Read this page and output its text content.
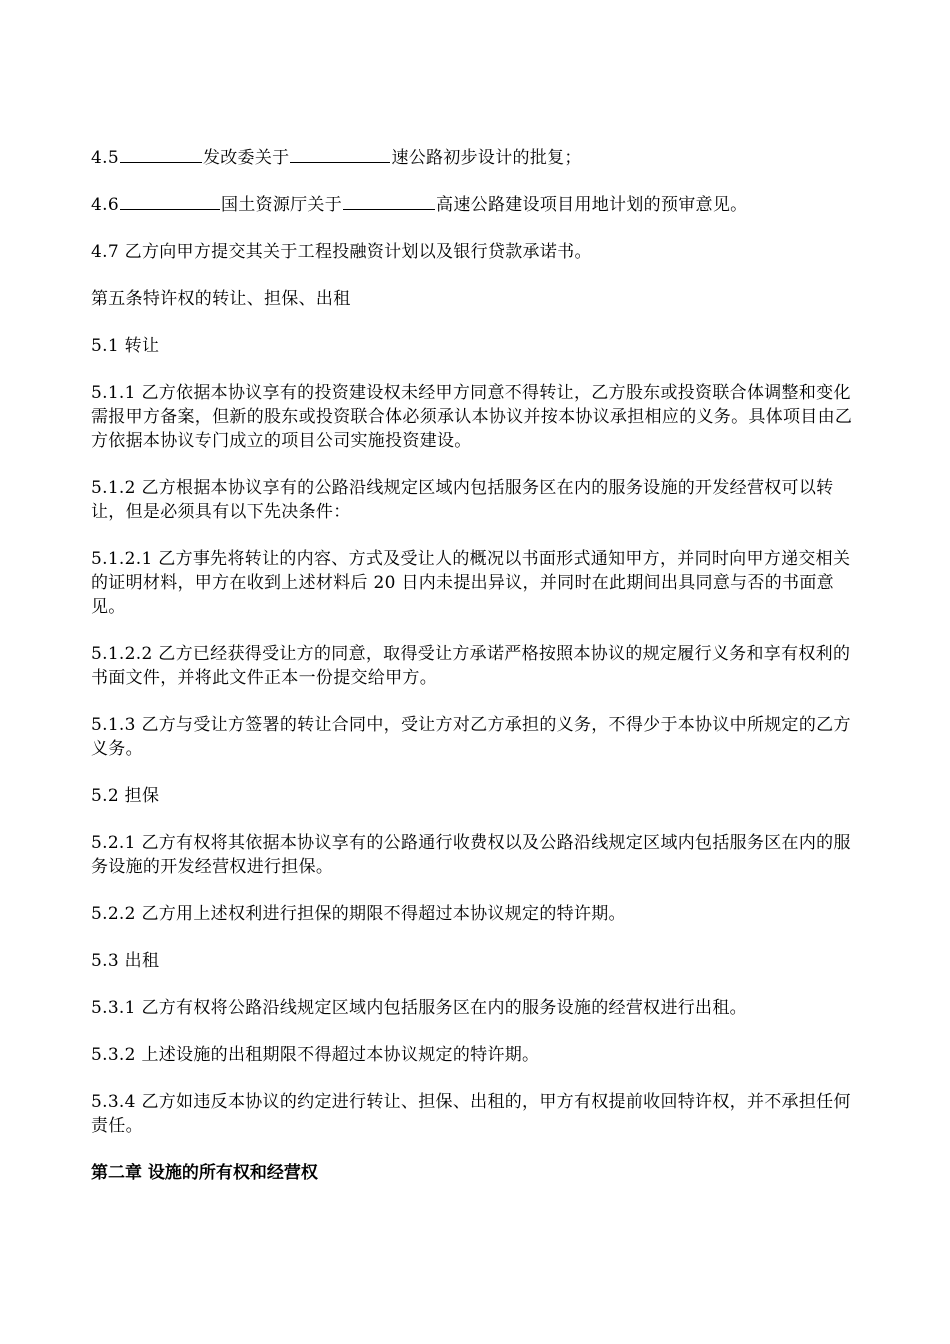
4.5	发改委关于	速公路初步设计的批复；

4.6	国土资源厅关于	高速公路建设项目用地计划的预审意见。

4.7 乙方向甲方提交其关于工程投融资计划以及银行贷款承诺书。

第五条特许权的转让、担保、出租

5.1 转让

5.1.1 乙方依据本协议享有的投资建设权未经甲方同意不得转让，乙方股东或投资联合体调整和变化需报甲方备案，但新的股东或投资联合体必须承认本协议并按本协议承担相应的义务。具体项目由乙方依据本协议专门成立的项目公司实施投资建设。

5.1.2 乙方根据本协议享有的公路沿线规定区域内包括服务区在内的服务设施的开发经营权可以转让，但是必须具有以下先决条件：

5.1.2.1 乙方事先将转让的内容、方式及受让人的概况以书面形式通知甲方，并同时向甲方递交相关的证明材料，甲方在收到上述材料后 20 日内未提出异议，并同时在此期间出具同意与否的书面意见。

5.1.2.2 乙方已经获得受让方的同意，取得受让方承诺严格按照本协议的规定履行义务和享有权利的书面文件，并将此文件正本一份提交给甲方。

5.1.3 乙方与受让方签署的转让合同中，受让方对乙方承担的义务，不得少于本协议中所规定的乙方义务。

5.2 担保

5.2.1 乙方有权将其依据本协议享有的公路通行收费权以及公路沿线规定区域内包括服务区在内的服务设施的开发经营权进行担保。

5.2.2 乙方用上述权利进行担保的期限不得超过本协议规定的特许期。

5.3 出租

5.3.1 乙方有权将公路沿线规定区域内包括服务区在内的服务设施的经营权进行出租。

5.3.2 上述设施的出租期限不得超过本协议规定的特许期。

5.3.4 乙方如违反本协议的约定进行转让、担保、出租的，甲方有权提前收回特许权，并不承担任何责任。

第二章 设施的所有权和经营权
